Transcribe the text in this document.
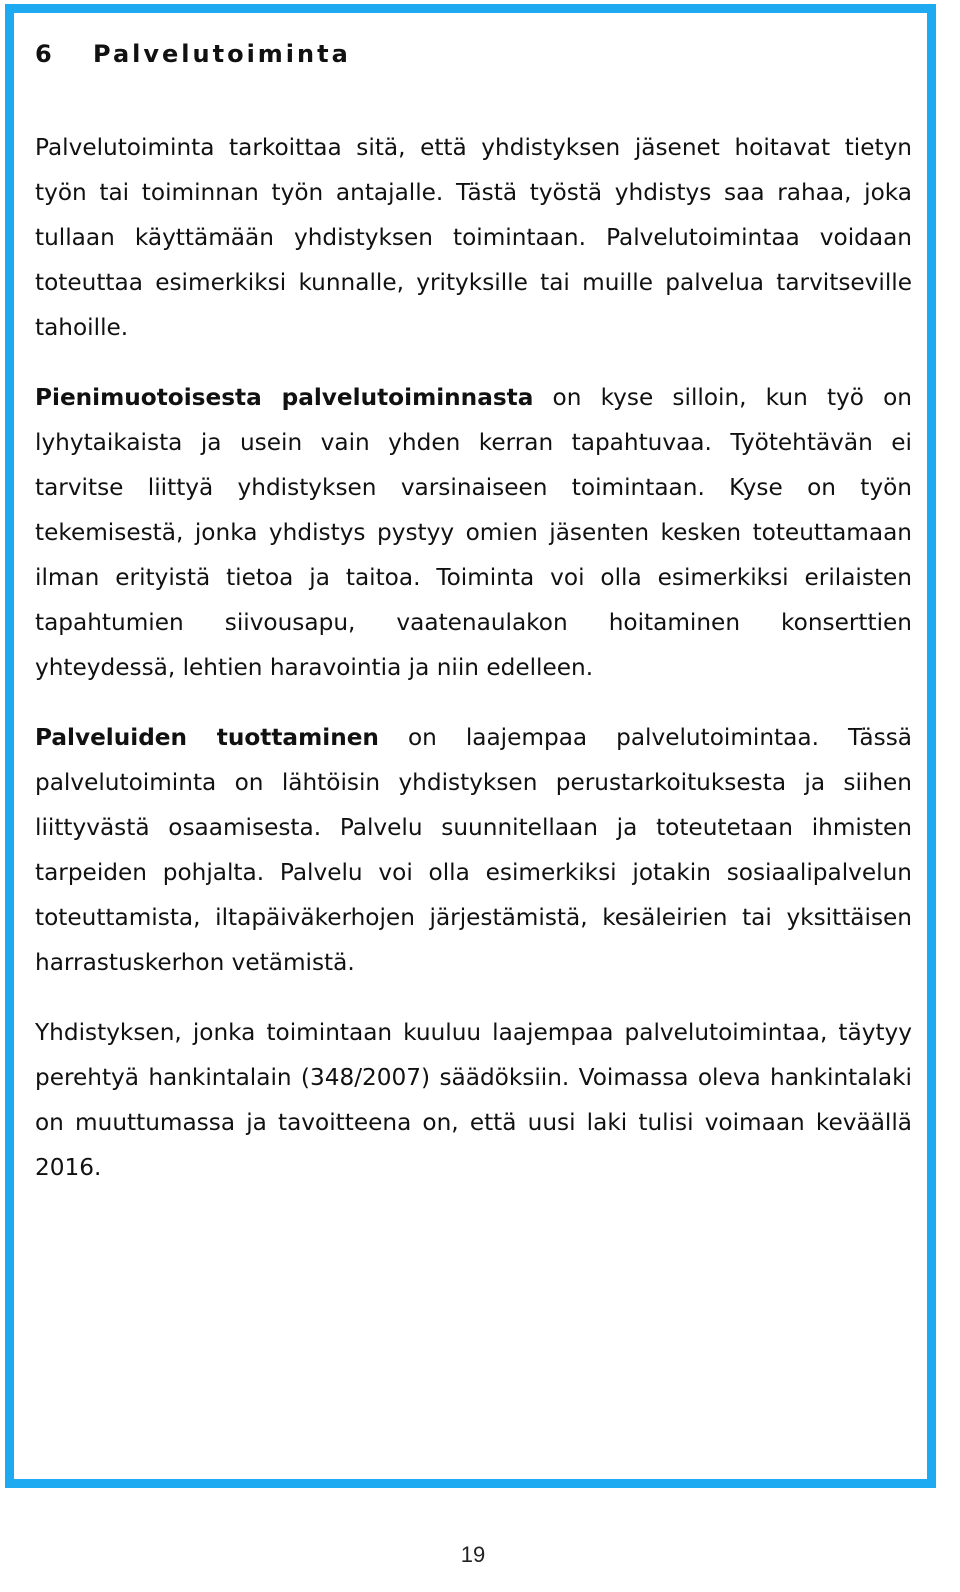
6	Palvelutoiminta

Palvelutoiminta tarkoittaa sitä, että yhdistyksen jäsenet hoitavat tietyn työn tai toiminnan työn antajalle. Tästä työstä yhdistys saa rahaa, joka tullaan käyttämään yhdistyksen toimintaan. Palvelutoimintaa voidaan toteuttaa esimerkiksi kunnalle, yrityksille tai muille palvelua tarvitseville tahoille.

Pienimuotoisesta palvelutoiminnasta on kyse silloin, kun työ on lyhytaikaista ja usein vain yhden kerran tapahtuvaa. Työtehtävän ei tarvitse liittyä yhdistyksen varsinaiseen toimintaan. Kyse on työn tekemisestä, jonka yhdistys pystyy omien jäsenten kesken toteuttamaan ilman erityistä tietoa ja taitoa. Toiminta voi olla esimerkiksi erilaisten tapahtumien siivousapu, vaatenaulakon hoitaminen konserttien yhteydessä, lehtien haravointia ja niin edelleen.

Palveluiden tuottaminen on laajempaa palvelutoimintaa. Tässä palvelutoiminta on lähtöisin yhdistyksen perustarkoituksesta ja siihen liittyvästä osaamisesta. Palvelu suunnitellaan ja toteutetaan ihmisten tarpeiden pohjalta. Palvelu voi olla esimerkiksi jotakin sosiaalipalvelun toteuttamista, iltapäiväkerhojen järjestämistä, kesäleirien tai yksittäisen harrastuskerhon vetämistä.

Yhdistyksen, jonka toimintaan kuuluu laajempaa palvelutoimintaa, täytyy perehtyä hankintalain (348/2007) säädöksiin. Voimassa oleva hankintalaki on muuttumassa ja tavoitteena on, että uusi laki tulisi voimaan keväällä 2016.

19
